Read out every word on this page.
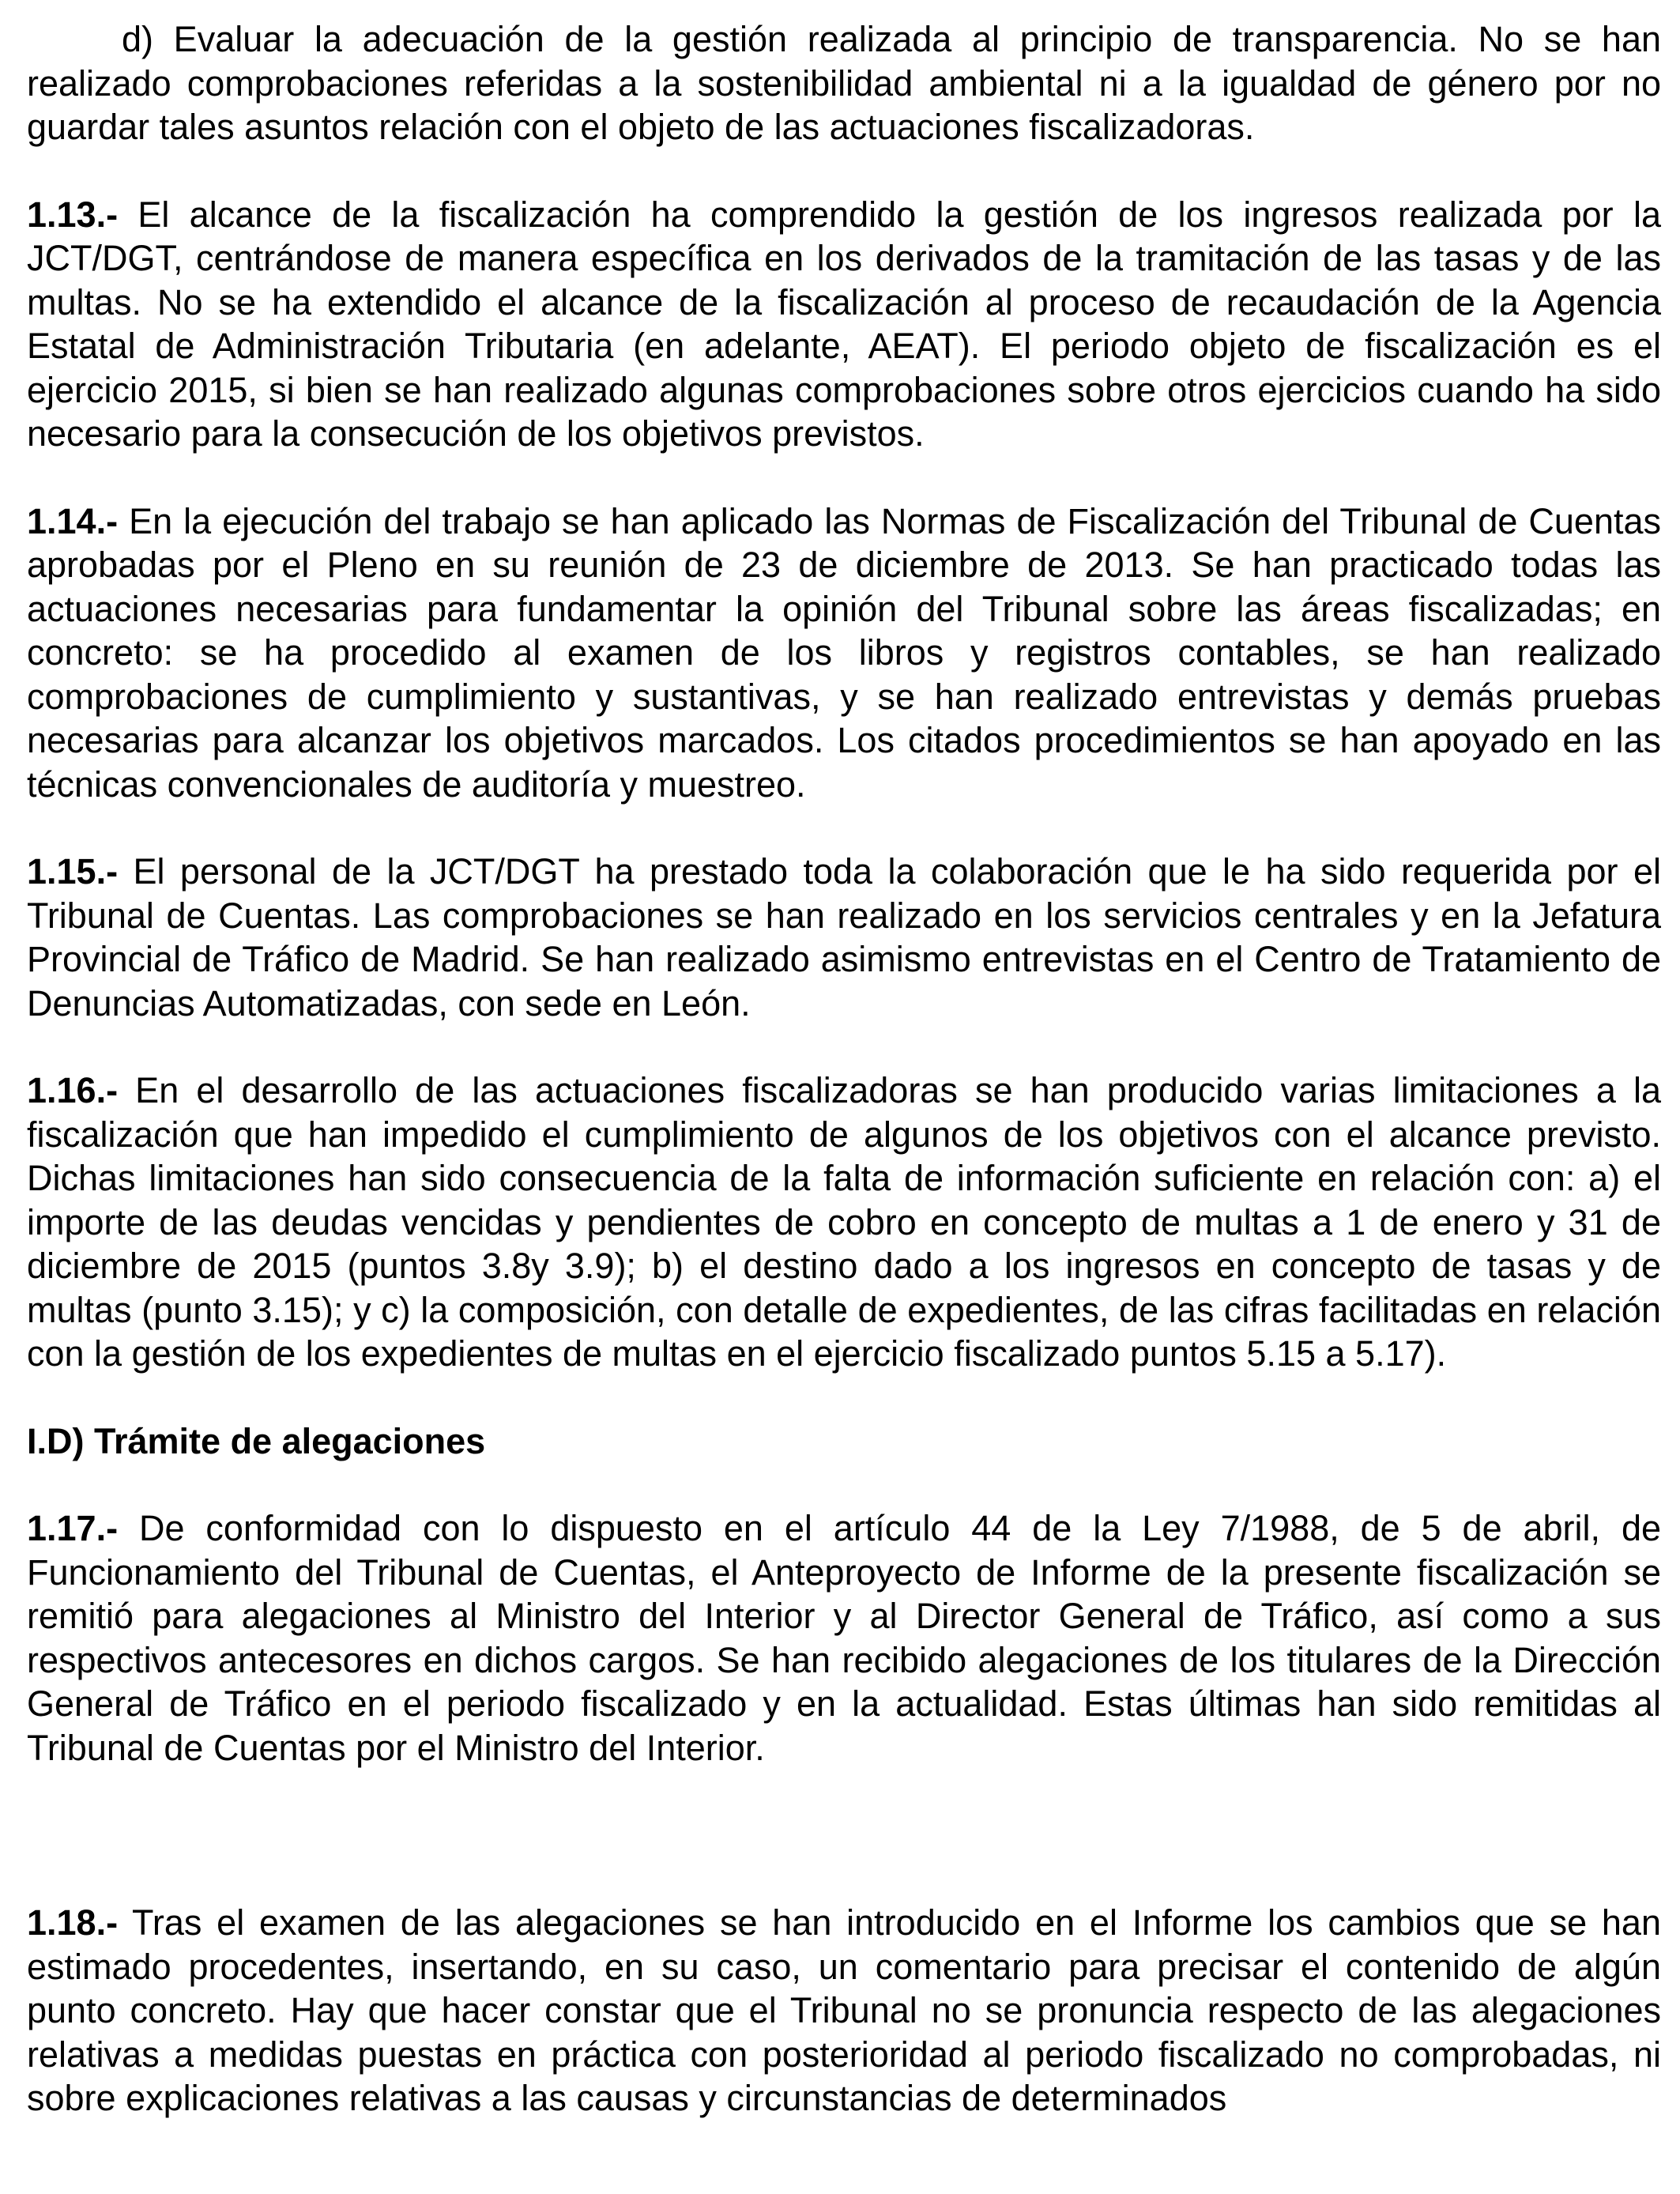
d) Evaluar la adecuación de la gestión realizada al principio de transparencia. No se han realizado comprobaciones referidas a la sostenibilidad ambiental ni a la igualdad de género por no guardar tales asuntos relación con el objeto de las actuaciones fiscalizadoras.

1.13.- El alcance de la fiscalización ha comprendido la gestión de los ingresos realizada por la JCT/DGT, centrándose de manera específica en los derivados de la tramitación de las tasas y de las multas. No se ha extendido el alcance de la fiscalización al proceso de recaudación de la Agencia Estatal de Administración Tributaria (en adelante, AEAT). El periodo objeto de fiscalización es el ejercicio 2015, si bien se han realizado algunas comprobaciones sobre otros ejercicios cuando ha sido necesario para la consecución de los objetivos previstos.

1.14.- En la ejecución del trabajo se han aplicado las Normas de Fiscalización del Tribunal de Cuentas aprobadas por el Pleno en su reunión de 23 de diciembre de 2013. Se han practicado todas las actuaciones necesarias para fundamentar la opinión del Tribunal sobre las áreas fiscalizadas; en concreto: se ha procedido al examen de los libros y registros contables, se han realizado comprobaciones de cumplimiento y sustantivas, y se han realizado entrevistas y demás pruebas necesarias para alcanzar los objetivos marcados. Los citados procedimientos se han apoyado en las técnicas convencionales de auditoría y muestreo.

1.15.- El personal de la JCT/DGT ha prestado toda la colaboración que le ha sido requerida por el Tribunal de Cuentas. Las comprobaciones se han realizado en los servicios centrales y en la Jefatura Provincial de Tráfico de Madrid. Se han realizado asimismo entrevistas en el Centro de Tratamiento de Denuncias Automatizadas, con sede en León.

1.16.- En el desarrollo de las actuaciones fiscalizadoras se han producido varias limitaciones a la fiscalización que han impedido el cumplimiento de algunos de los objetivos con el alcance previsto. Dichas limitaciones han sido consecuencia de la falta de información suficiente en relación con: a) el importe de las deudas vencidas y pendientes de cobro en concepto de multas a 1 de enero y 31 de diciembre de 2015 (puntos 3.8y 3.9); b) el destino dado a los ingresos en concepto de tasas y de multas (punto 3.15); y c) la composición, con detalle de expedientes, de las cifras facilitadas en relación con la gestión de los expedientes de multas en el ejercicio fiscalizado puntos 5.15 a 5.17).

I.D) Trámite de alegaciones

1.17.- De conformidad con lo dispuesto en el artículo 44 de la Ley 7/1988, de 5 de abril, de Funcionamiento del Tribunal de Cuentas, el Anteproyecto de Informe de la presente fiscalización se remitió para alegaciones al Ministro del Interior y al Director General de Tráfico, así como a sus respectivos antecesores en dichos cargos. Se han recibido alegaciones de los titulares de la Dirección General de Tráfico en el periodo fiscalizado y en la actualidad. Estas últimas han sido remitidas al Tribunal de Cuentas por el Ministro del Interior.

1.18.- Tras el examen de las alegaciones se han introducido en el Informe los cambios que se han estimado procedentes, insertando, en su caso, un comentario para precisar el contenido de algún punto concreto. Hay que hacer constar que el Tribunal no se pronuncia respecto de las alegaciones relativas a medidas puestas en práctica con posterioridad al periodo fiscalizado no comprobadas, ni sobre explicaciones relativas a las causas y circunstancias de determinados
